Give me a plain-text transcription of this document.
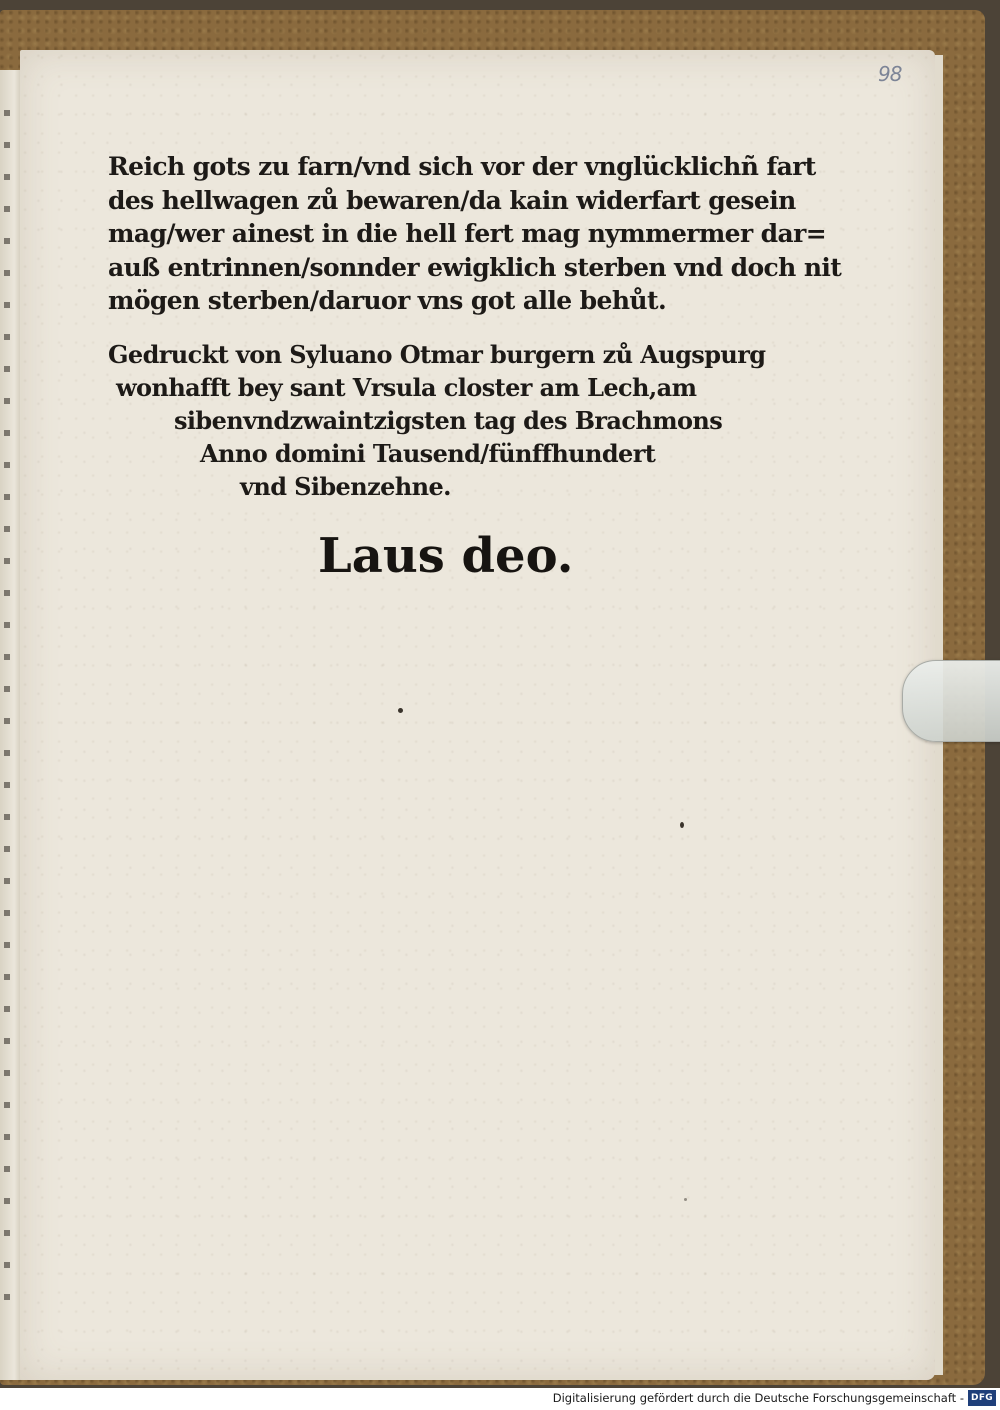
98
Reich gots zu farn/vnd sich vor der vnglücklichñ fart
des hellwagen zů bewaren/da kain widerfart gesein
mag/wer ainest in die hell fert mag nymmermer dar=
auß entrinnen/sonnder ewigklich sterben vnd doch nit
mögen sterben/daruor vns got alle behůt.
Gedruckt von Syluano Otmar burgern zů Augspurg
wonhafft bey sant Vrsula closter am Lech,am
sibenvndzwaintzigsten tag des Brachmons
Anno domini Tausend/fünffhundert
vnd Sibenzehne.
Laus deo.
Digitalisierung gefördert durch die Deutsche Forschungsgemeinschaft - DFG
